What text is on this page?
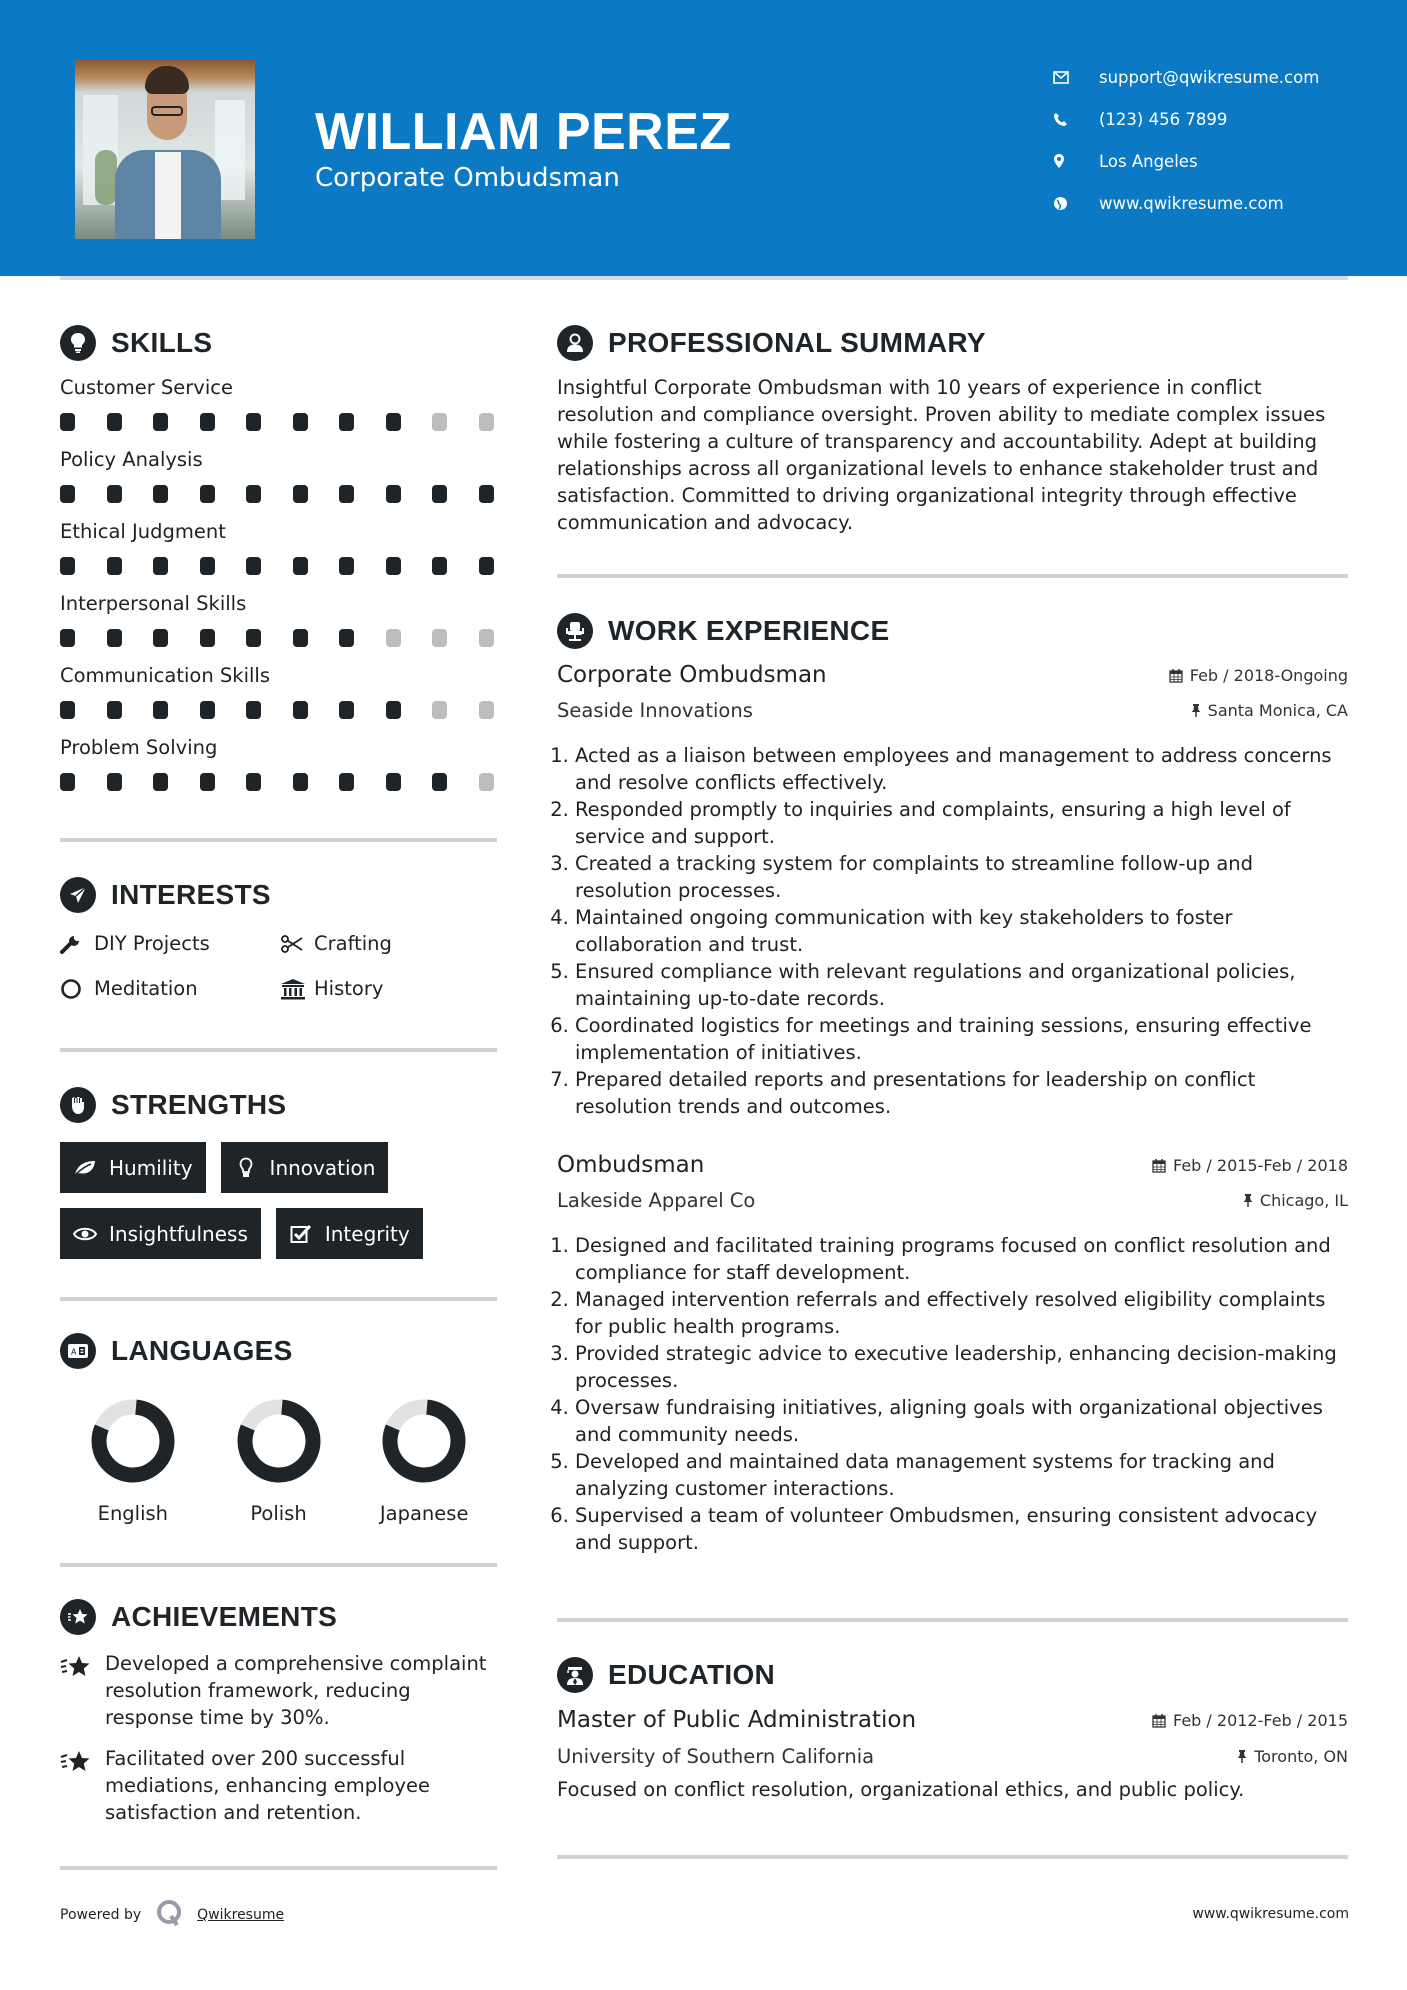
WILLIAM PEREZ
Corporate Ombudsman
support@qwikresume.com
(123) 456 7899
Los Angeles
www.qwikresume.com
SKILLS
Customer Service
Policy Analysis
Ethical Judgment
Interpersonal Skills
Communication Skills
Problem Solving
INTERESTS
DIY Projects	Crafting
Meditation	History
STRENGTHS
Humility	Innovation
Insightfulness	Integrity
A LANGUAGES
English	Polish	Japanese
ACHIEVEMENTS
Developed a comprehensive complaint resolution framework, reducing response time by 30%.
Facilitated over 200 successful mediations, enhancing employee satisfaction and retention.
PROFESSIONAL SUMMARY

Insightful Corporate Ombudsman with 10 years of experience in conflict resolution and compliance oversight. Proven ability to mediate complex issues while fostering a culture of transparency and accountability. Adept at building relationships across all organizational levels to enhance stakeholder trust and satisfaction. Committed to driving organizational integrity through effective communication and advocacy.

WORK EXPERIENCE
Corporate Ombudsman	Feb / 2018-Ongoing
Seaside Innovations	Santa Monica, CA
1. Acted as a liaison between employees and management to address concerns and resolve conflicts effectively.
2. Responded promptly to inquiries and complaints, ensuring a high level of service and support.
3. Created a tracking system for complaints to streamline follow-up and resolution processes.
4. Maintained ongoing communication with key stakeholders to foster collaboration and trust.
5. Ensured compliance with relevant regulations and organizational policies, maintaining up-to-date records.
6. Coordinated logistics for meetings and training sessions, ensuring effective implementation of initiatives.
7. Prepared detailed reports and presentations for leadership on conflict resolution trends and outcomes.
Ombudsman	Feb / 2015-Feb / 2018
Lakeside Apparel Co	Chicago, IL
1. Designed and facilitated training programs focused on conflict resolution and compliance for staff development.
2. Managed intervention referrals and effectively resolved eligibility complaints for public health programs.
3. Provided strategic advice to executive leadership, enhancing decision-making processes.
4. Oversaw fundraising initiatives, aligning goals with organizational objectives and community needs.
5. Developed and maintained data management systems for tracking and analyzing customer interactions.
6. Supervised a team of volunteer Ombudsmen, ensuring consistent advocacy and support.
EDUCATION
Master of Public Administration	Feb / 2012-Feb / 2015
University of Southern California	Toronto, ON

Focused on conflict resolution, organizational ethics, and public policy.

Powered by	Qwikresume	www.qwikresume.com
